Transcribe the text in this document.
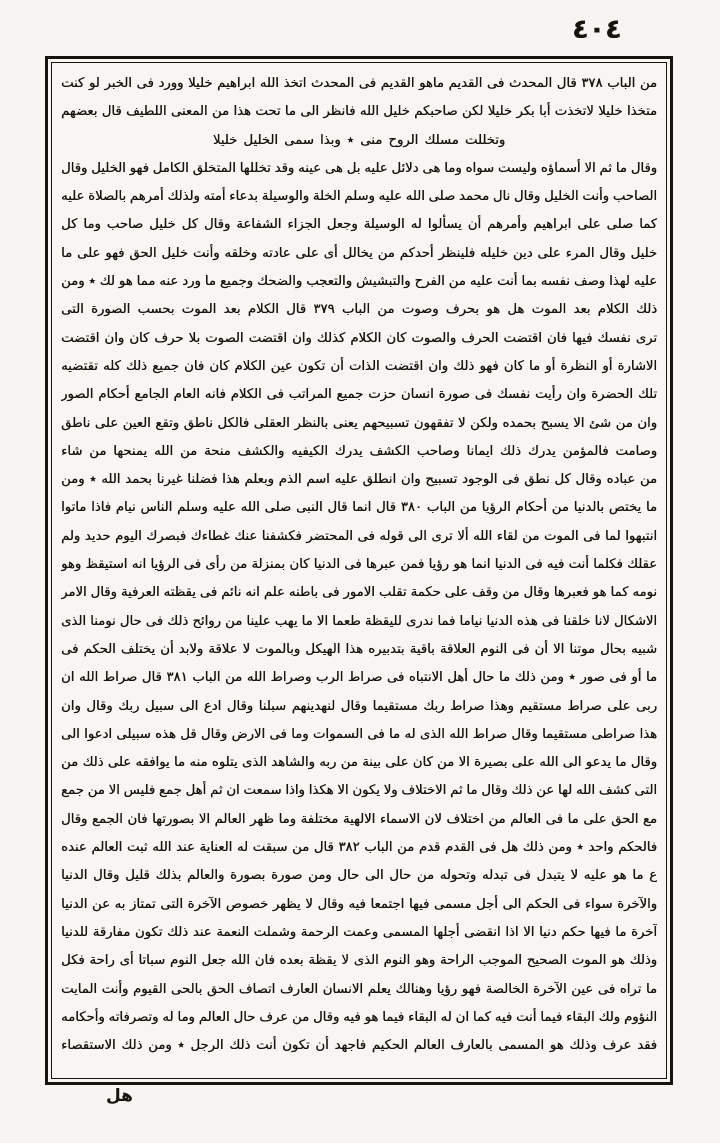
٤٠٤
من الباب ٣٧٨ قال المحدث فى القديم ماهو القديم فى المحدث اتخذ الله ابراهيم خليلا وورد فى الخبر لو كنت
متخذا خليلا لاتخذت أبا بكر خليلا لكن صاحبكم خليل الله فانظر الى ما تحت هذا من المعنى اللطيف قال بعضهم
وتخللت مسلك الروح منى ٭ وبذا سمى الخليل خليلا
وقال ما ثم الا أسماؤه وليست سواه وما هى دلائل عليه بل هى عينه وقد تخللها المتخلق الكامل فهو الخليل وقال
الصاحب وأنت الخليل وقال نال محمد صلى الله عليه وسلم الخلة والوسيلة بدعاء أمته ولذلك أمرهم بالصلاة عليه
كما صلى على ابراهيم وأمرهم أن يسألوا له الوسيلة وجعل الجزاء الشفاعة وقال كل خليل صاحب وما كل
خليل وقال المرء على دين خليله فلينظر أحدكم من يخالل أى على عادته وخلقه وأنت خليل الحق فهو على ما
عليه لهذا وصف نفسه بما أنت عليه من الفرح والتبشيش والتعجب والضحك وجميع ما ورد عنه مما هو لك ٭ ومن
ذلك الكلام بعد الموت هل هو بحرف وصوت من الباب ٣٧٩ قال الكلام بعد الموت بحسب الصورة التى
ترى نفسك فيها فان اقتضت الحرف والصوت كان الكلام كذلك وان اقتضت الصوت بلا حرف كان وان اقتضت
الاشارة أو النظرة أو ما كان فهو ذلك وان اقتضت الذات أن تكون عين الكلام كان فان جميع ذلك كله تقتضيه
تلك الحضرة وان رأيت نفسك فى صورة انسان حزت جميع المراتب فى الكلام فانه العام الجامع أحكام الصور
وان من شئ الا يسبح بحمده ولكن لا تفقهون تسبيحهم يعنى بالنظر العقلى فالكل ناطق وتقع العين على ناطق
وصامت فالمؤمن يدرك ذلك ايمانا وصاحب الكشف يدرك الكيفيه والكشف منحة من الله يمنحها من شاء
من عباده وقال كل نطق فى الوجود تسبيح وان انطلق عليه اسم الذم وبعلم هذا فضلنا غيرنا بحمد الله ٭ ومن
ما يختص بالدنيا من أحكام الرؤيا من الباب ٣٨٠ قال انما قال النبى صلى الله عليه وسلم الناس نيام فاذا ماتوا
انتبهوا لما فى الموت من لقاء الله ألا ترى الى قوله فى المحتضر فكشفنا عنك غطاءك فبصرك اليوم حديد ولم
عقلك فكلما أنت فيه فى الدنيا انما هو رؤيا فمن عبرها فى الدنيا كان بمنزلة من رأى فى الرؤيا انه استيقظ وهو
نومه كما هو فعبرها وقال من وقف على حكمة تقلب الامور فى باطنه علم انه نائم فى يقظته العرفية وقال الامر
الاشكال لانا خلقنا فى هذه الدنيا نياما فما ندرى لليقظة طعما الا ما يهب علينا من روائح ذلك فى حال نومنا الذى
شبيه بحال موتنا الا أن فى النوم العلاقة باقية بتدبيره هذا الهيكل وبالموت لا علاقة ولابد أن يختلف الحكم فى
ما أو فى صور ٭ ومن ذلك ما حال أهل الانتباه فى صراط الرب وصراط الله من الباب ٣٨١ قال صراط الله ان
ربى على صراط مستقيم وهذا صراط ربك مستقيما وقال لنهدينهم سبلنا وقال ادع الى سبيل ربك وقال وان
هذا صراطى مستقيما وقال صراط الله الذى له ما فى السموات وما فى الارض وقال قل هذه سبيلى ادعوا الى
وقال ما يدعو الى الله على بصيرة الا من كان على بينة من ربه والشاهد الذى يتلوه منه ما يوافقه على ذلك من
التى كشف الله لها عن ذلك وقال ما ثم الاختلاف ولا يكون الا هكذا واذا سمعت ان ثم أهل جمع فليس الا من جمع
مع الحق على ما فى العالم من اختلاف لان الاسماء الالهية مختلفة وما ظهر العالم الا بصورتها فان الجمع وقال
فالحكم واحد ٭ ومن ذلك هل فى القدم قدم من الباب ٣٨٢ قال من سبقت له العناية عند الله ثبت العالم عنده
ع ما هو عليه لا يتبدل فى تبدله وتحوله من حال الى حال ومن صورة بصورة والعالم بذلك قليل وقال الدنيا
والآخرة سواء فى الحكم الى أجل مسمى فيها اجتمعا فيه وقال لا يظهر خصوص الآخرة التى تمتاز به عن الدنيا
آخرة ما فيها حكم دنيا الا اذا انقضى أجلها المسمى وعمت الرحمة وشملت النعمة عند ذلك تكون مفارقة للدنيا
وذلك هو الموت الصحيح الموجب الراحة وهو النوم الذى لا يقظة بعده فان الله جعل النوم سباتا أى راحة فكل
ما تراه فى عين الآخرة الخالصة فهو رؤيا وهنالك يعلم الانسان العارف اتصاف الحق بالحى القيوم وأنت المايت
النؤوم ولك البقاء فيما أنت فيه كما ان له البقاء فيما هو فيه وقال من عرف حال العالم وما له وتصرفاته وأحكامه
فقد عرف وذلك هو المسمى بالعارف العالم الحكيم فاجهد أن تكون أنت ذلك الرجل ٭ ومن ذلك الاستقصاء
هل
